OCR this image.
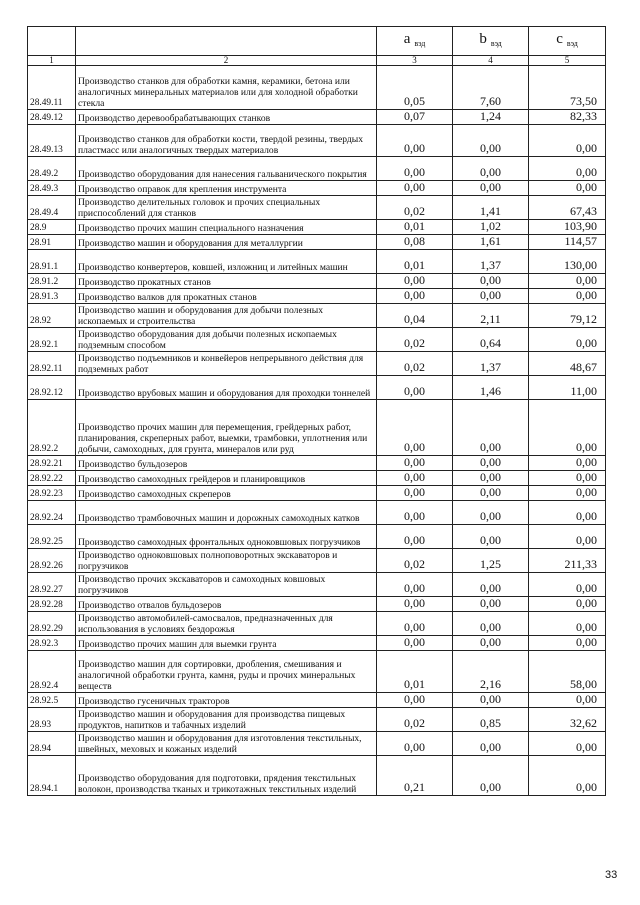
		a $_{вэд}$	b $_{вэд}$	c $_{вэд}$
1	2	3	4	5
28.49.11	Производство станков для обработки камня, керамики, бетона или аналогичных минеральных материалов или для холодной обработки стекла	0,05	7,60	73,50
28.49.12	Производство деревообрабатывающих станков	0,07	1,24	82,33
28.49.13	Производство станков для обработки кости, твердой резины, твердых пластмасс или аналогичных твердых материалов	0,00	0,00	0,00
28.49.2	Производство оборудования для нанесения гальванического покрытия	0,00	0,00	0,00
28.49.3	Производство оправок для крепления инструмента	0,00	0,00	0,00
28.49.4	Производство делительных головок и прочих специальных приспособлений для станков	0,02	1,41	67,43
28.9	Производство прочих машин специального назначения	0,01	1,02	103,90
28.91	Производство машин и оборудования для металлургии	0,08	1,61	114,57
28.91.1	Производство конвертеров, ковшей, изложниц и литейных машин	0,01	1,37	130,00
28.91.2	Производство прокатных станов	0,00	0,00	0,00
28.91.3	Производство валков для прокатных станов	0,00	0,00	0,00
28.92	Производство машин и оборудования для добычи полезных ископаемых и строительства	0,04	2,11	79,12
28.92.1	Производство оборудования для добычи полезных ископаемых подземным способом	0,02	0,64	0,00
28.92.11	Производство подъемников и конвейеров непрерывного действия для подземных работ	0,02	1,37	48,67
28.92.12	Производство врубовых машин и оборудования для проходки тоннелей	0,00	1,46	11,00
28.92.2	Производство прочих машин для перемещения, грейдерных работ, планирования, скреперных работ, выемки, трамбовки, уплотнения или добычи, самоходных, для грунта, минералов или руд	0,00	0,00	0,00
28.92.21	Производство бульдозеров	0,00	0,00	0,00
28.92.22	Производство самоходных грейдеров и планировщиков	0,00	0,00	0,00
28.92.23	Производство самоходных скреперов	0,00	0,00	0,00
28.92.24	Производство трамбовочных машин и дорожных самоходных катков	0,00	0,00	0,00
28.92.25	Производство самоходных фронтальных одноковшовых погрузчиков	0,00	0,00	0,00
28.92.26	Производство одноковшовых полноповоротных экскаваторов и погрузчиков	0,02	1,25	211,33
28.92.27	Производство прочих экскаваторов и самоходных ковшовых погрузчиков	0,00	0,00	0,00
28.92.28	Производство отвалов бульдозеров	0,00	0,00	0,00
28.92.29	Производство автомобилей-самосвалов, предназначенных для использования в условиях бездорожья	0,00	0,00	0,00
28.92.3	Производство прочих машин для выемки грунта	0,00	0,00	0,00
28.92.4	Производство машин для сортировки, дробления, смешивания и аналогичной обработки грунта, камня, руды и прочих минеральных веществ	0,01	2,16	58,00
28.92.5	Производство гусеничных тракторов	0,00	0,00	0,00
28.93	Производство машин и оборудования для производства пищевых продуктов, напитков и табачных изделий	0,02	0,85	32,62
28.94	Производство машин и оборудования для изготовления текстильных, швейных, меховых и кожаных изделий	0,00	0,00	0,00
28.94.1	Производство оборудования для подготовки, прядения текстильных волокон, производства тканых и трикотажных текстильных изделий	0,21	0,00	0,00
33
